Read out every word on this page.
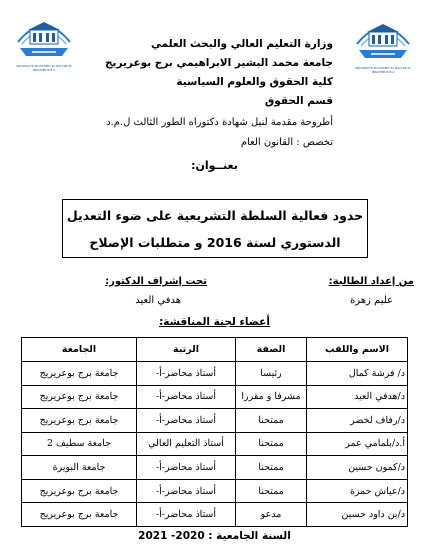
UNIVERSITE MOHAMED EL BACHIR EL IBRAHIMI B.B.A	UNIVERSITE MOHAMED EL BACHIR EL IBRAHIMI B.B.A
وزارة التعليم العالي والبحث العلمي
جامعة محمد البشير الابراهيمي برج بوعريريج
كلية الحقوق والعلوم السياسية
قسم الحقوق
أطروحة مقدمة لنيل شهادة دكتوراه الطور الثالث ل.م.د
تخصص : القانون العام
بعنــوان:
حدود فعالية السلطة التشريعية على ضوء التعديل
الدستوري لسنة 2016 و متطلبات الإصلاح
من إعداد الطالبة:
عليم زهرة
تحت إشراف الدكتور:
هدفي العيد
أعضاء لجنة المناقشة:
الاسم واللقب	الصفة	الرتبة	الجامعة
د/ فرشة كمال	رئيسا	أستاذ محاضر-أ-	جامعة برج بوعريريج
د/هدفي العيد	مشرفا و مقررا	أستاذ محاضر-أ-	جامعة برج بوعريريج
د/رفاف لخضر	ممتحنا	أستاذ محاضر-أ-	جامعة برج بوعريريج
أ.د/بلمامي عمر	ممتحنا	أستاذ التعليم العالي	جامعة سطيف 2
د/كمون حسين	ممتحنا	أستاذ محاضر-أ-	جامعة البويرة
د/عياش حمزة	ممتحنا	أستاذ محاضر-أ-	جامعة برج بوعريريج
د/بن داود حسين	مدعو	أستاذ محاضر-أ-	جامعة برج بوعريريج
السنة الجامعية : 2020- 2021
